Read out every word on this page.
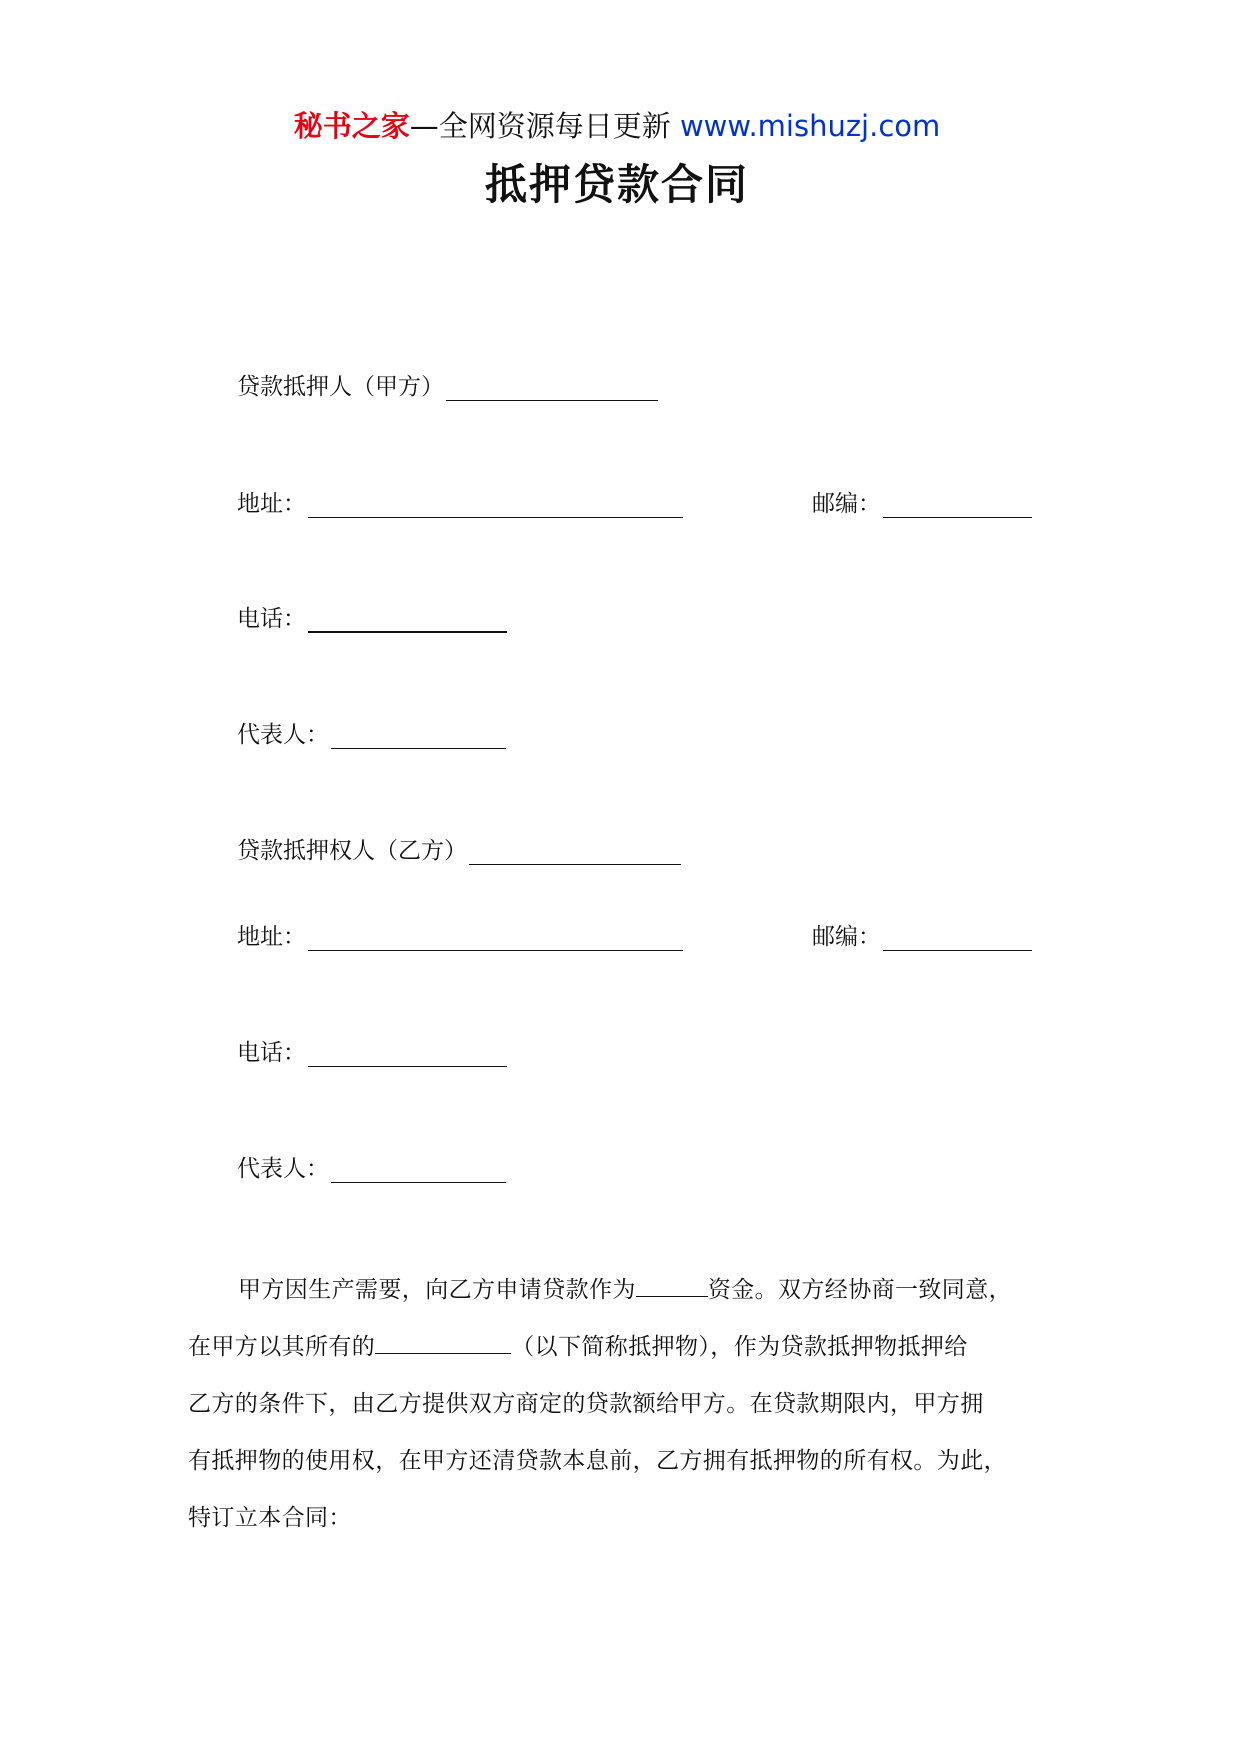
秘书之家—全网资源每日更新 www.mishuzj.com
抵押贷款合同
贷款抵押人（甲方）
地址：	邮编：
电话：
代表人：
贷款抵押权人（乙方）
地址：	邮编：
电话：
代表人：

甲方因生产需要，向乙方申请贷款作为	资金。双方经协商一致同意，

在甲方以其所有的	（以下简称抵押物），作为贷款抵押物抵押给

乙方的条件下，由乙方提供双方商定的贷款额给甲方。在贷款期限内，甲方拥

有抵押物的使用权，在甲方还清贷款本息前，乙方拥有抵押物的所有权。为此，

特订立本合同：
